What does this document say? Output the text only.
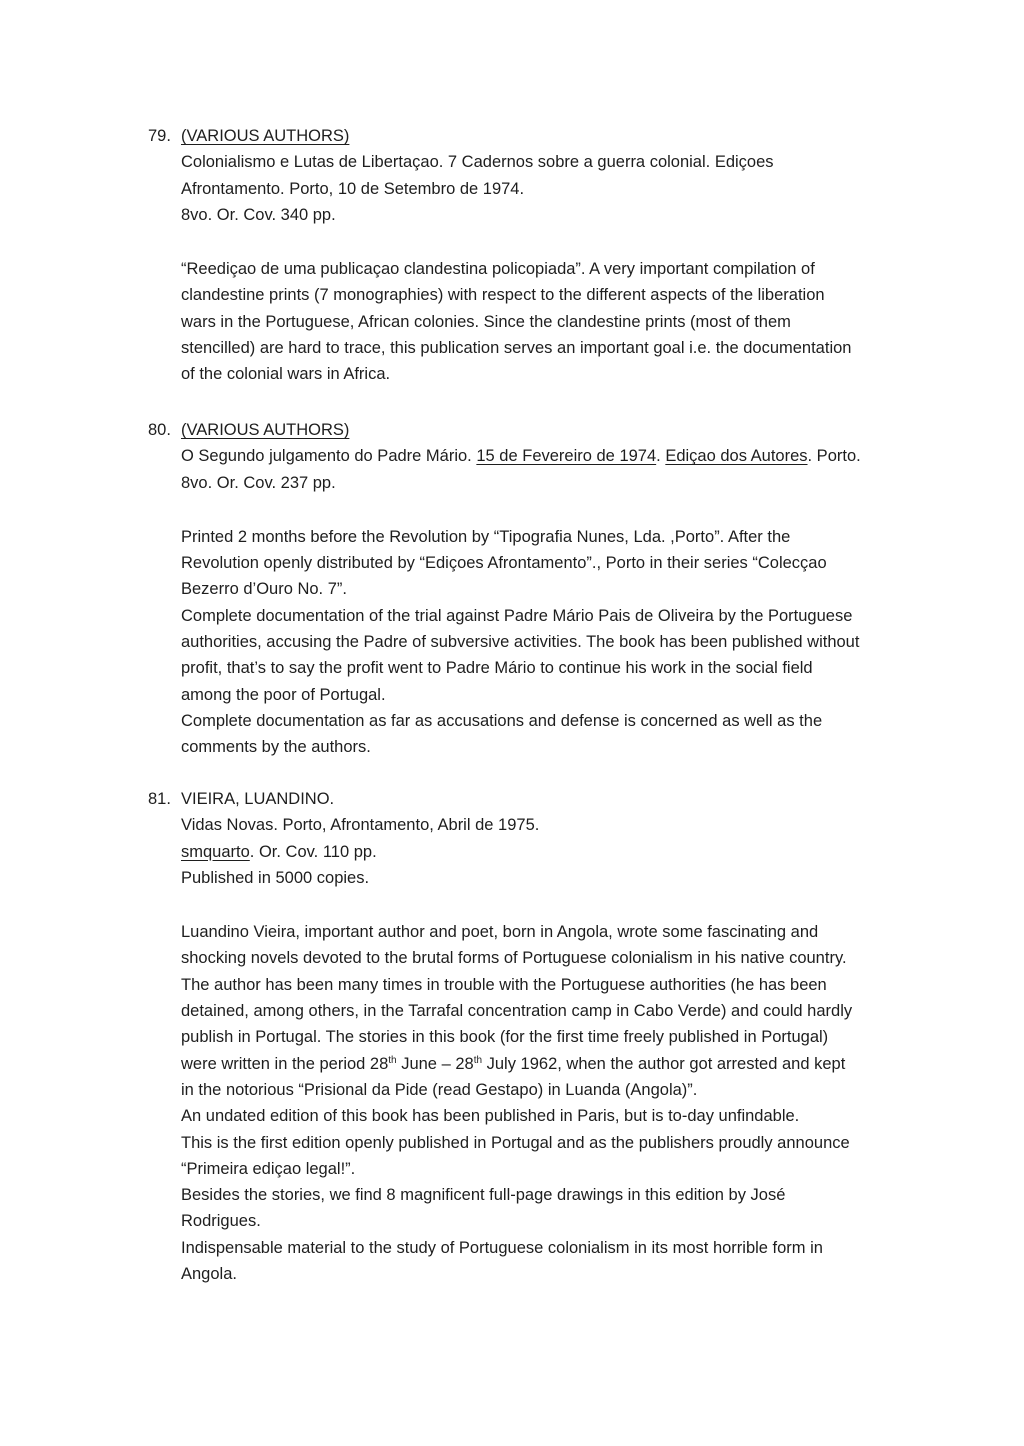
79. (VARIOUS AUTHORS)
Colonialismo e Lutas de Libertaçao. 7 Cadernos sobre a guerra colonial. Ediçoes
Afrontamento. Porto, 10 de Setembro de 1974.
8vo. Or. Cov. 340 pp.
“Reediçao de uma publicaçao clandestina policopiada”. A very important compilation of
clandestine prints (7 monographies) with respect to the different aspects of the liberation
wars in the Portuguese, African colonies. Since the clandestine prints (most of them
stencilled) are hard to trace, this publication serves an important goal i.e. the documentation
of the colonial wars in Africa.
80. (VARIOUS AUTHORS)
O Segundo julgamento do Padre Mário. 15 de Fevereiro de 1974. Ediçao dos Autores. Porto.
8vo. Or. Cov. 237 pp.
Printed 2 months before the Revolution by “Tipografia Nunes, Lda. ,Porto”. After the
Revolution openly distributed by “Ediçoes Afrontamento”., Porto in their series “Colecçao
Bezerro d’Ouro No. 7”.
Complete documentation of the trial against Padre Mário Pais de Oliveira by the Portuguese
authorities, accusing the Padre of subversive activities. The book has been published without
profit, that’s to say the profit went to Padre Mário to continue his work in the social field
among the poor of Portugal.
Complete documentation as far as accusations and defense is concerned as well as the
comments by the authors.
81. VIEIRA, LUANDINO.
Vidas Novas. Porto, Afrontamento, Abril de 1975.
smquarto. Or. Cov. 110 pp.
Published in 5000 copies.
Luandino Vieira, important author and poet, born in Angola, wrote some fascinating and
shocking novels devoted to the brutal forms of Portuguese colonialism in his native country.
The author has been many times in trouble with the Portuguese authorities (he has been
detained, among others, in the Tarrafal concentration camp in Cabo Verde) and could hardly
publish in Portugal. The stories in this book (for the first time freely published in Portugal)
were written in the period 28th June – 28th July 1962, when the author got arrested and kept
in the notorious “Prisional da Pide (read Gestapo) in Luanda (Angola)”.
An undated edition of this book has been published in Paris, but is to-day unfindable.
This is the first edition openly published in Portugal and as the publishers proudly announce
“Primeira ediçao legal!”.
Besides the stories, we find 8 magnificent full-page drawings in this edition by José
Rodrigues.
Indispensable material to the study of Portuguese colonialism in its most horrible form in
Angola.
